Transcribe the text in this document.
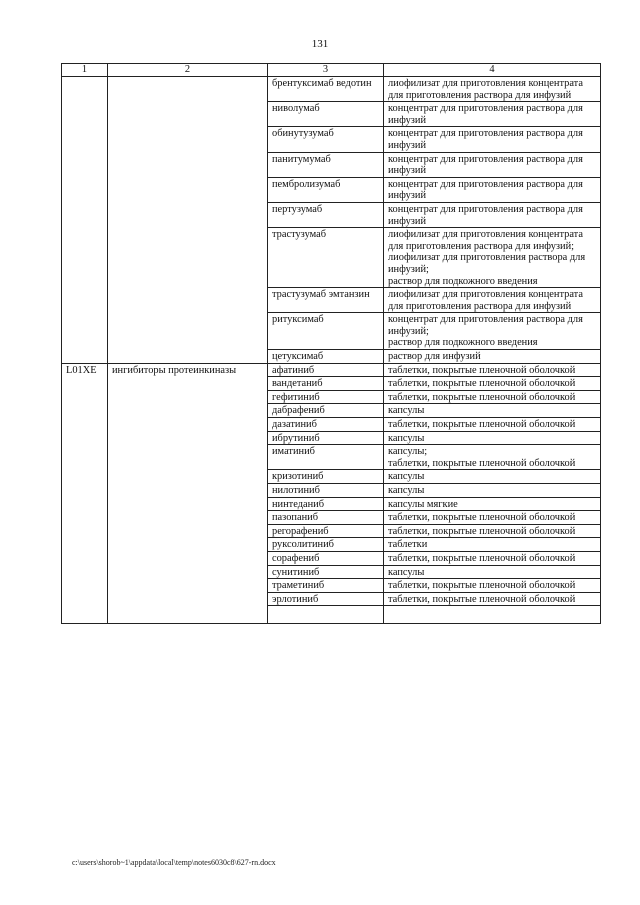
131
1	2	3	4
		брентуксимаб ведотин	лиофилизат для приготовления концентрата для приготовления раствора для инфузий

		ниволумаб	концентрат для приготовления раствора для инфузий

		обинутузумаб	концентрат для приготовления раствора для инфузий

		панитумумаб	концентрат для приготовления раствора для инфузий

		пембролизумаб	концентрат для приготовления раствора для инфузий

		пертузумаб	концентрат для приготовления раствора для инфузий

		трастузумаб	лиофилизат для приготовления концентрата для приготовления раствора для инфузий;
лиофилизат для приготовления раствора для инфузий;
раствор для подкожного введения

		трастузумаб эмтанзин	лиофилизат для приготовления концентрата для приготовления раствора для инфузий

		ритуксимаб	концентрат для приготовления раствора для инфузий;
раствор для подкожного введения

		цетуксимаб	раствор для инфузий

L01XE	ингибиторы протеинкиназы	афатиниб	таблетки, покрытые пленочной оболочкой

		вандетаниб	таблетки, покрытые пленочной оболочкой

		гефитиниб	таблетки, покрытые пленочной оболочкой

		дабрафениб	капсулы

		дазатиниб	таблетки, покрытые пленочной оболочкой

		ибрутиниб	капсулы

		иматиниб	капсулы;
таблетки, покрытые пленочной оболочкой

		кризотиниб	капсулы

		нилотиниб	капсулы

		нинтеданиб	капсулы мягкие

		пазопаниб	таблетки, покрытые пленочной оболочкой

		регорафениб	таблетки, покрытые пленочной оболочкой

		руксолитиниб	таблетки

		сорафениб	таблетки, покрытые пленочной оболочкой

		сунитиниб	капсулы

		траметиниб	таблетки, покрытые пленочной оболочкой

		эрлотиниб	таблетки, покрытые пленочной оболочкой

c:\users\shorob~1\appdata\local\temp\notes6030c8\627-rn.docx
